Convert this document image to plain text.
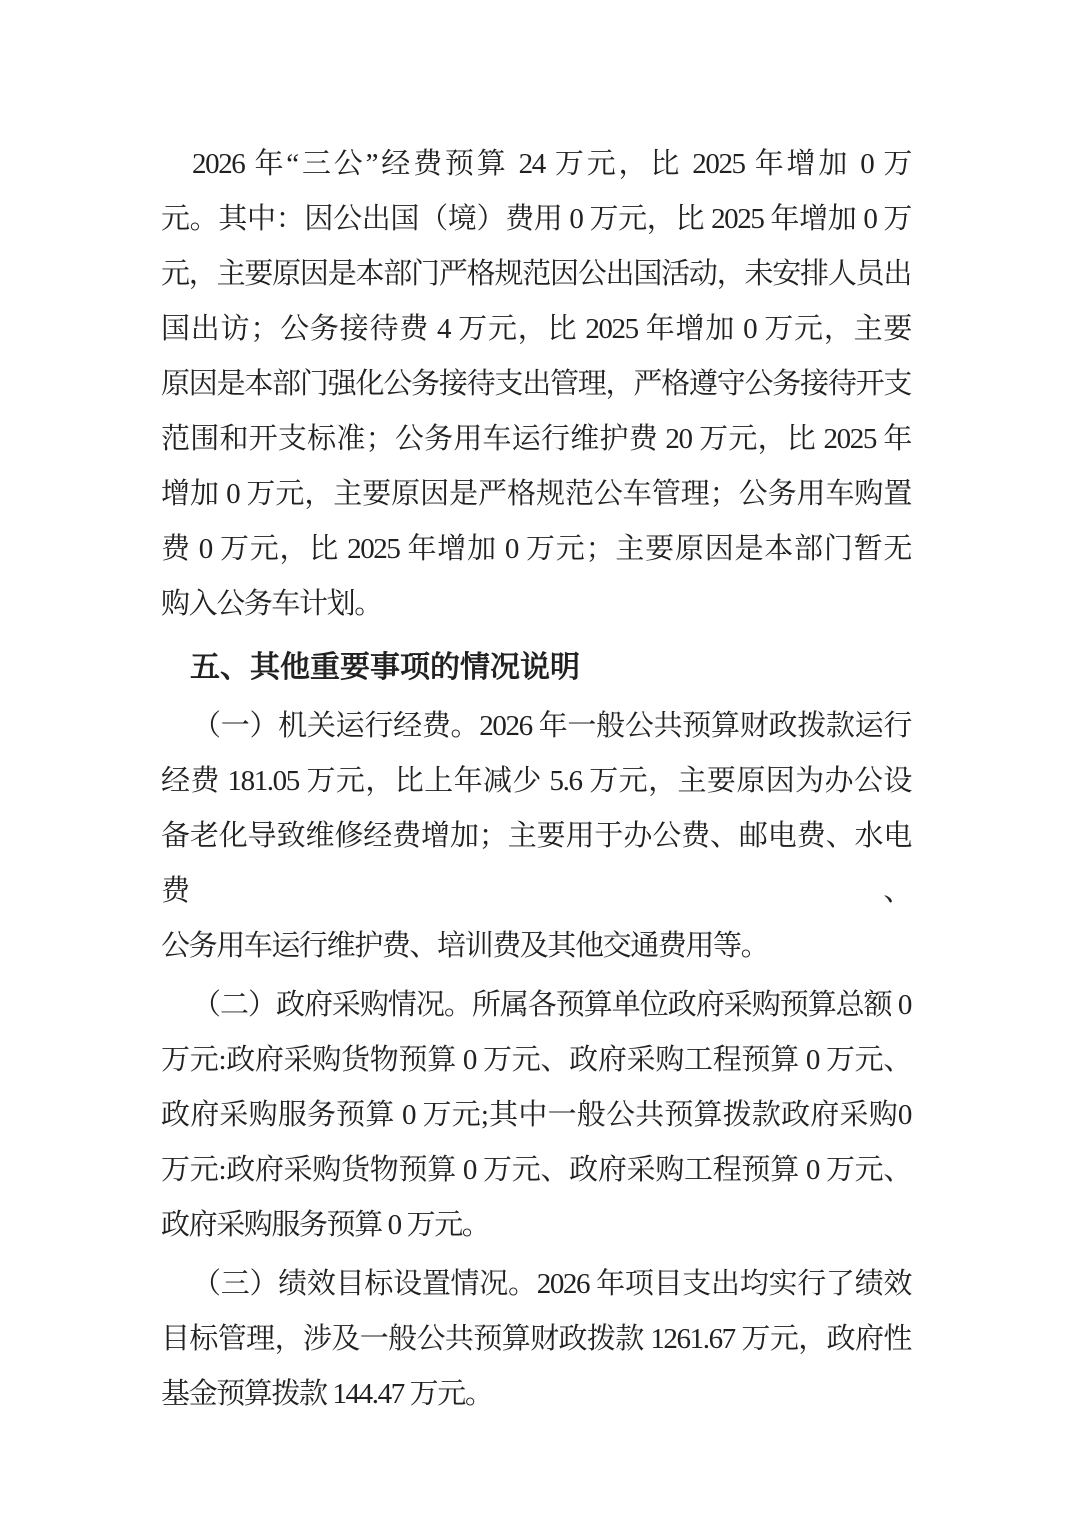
2026 年“三公”经费预算 24 万元，比 2025 年增加 0 万
元。其中：因公出国（境）费用 0 万元，比 2025 年增加 0 万
元，主要原因是本部门严格规范因公出国活动，未安排人员出
国出访；公务接待费 4 万元，比 2025 年增加 0 万元，主要
原因是本部门强化公务接待支出管理，严格遵守公务接待开支
范围和开支标准；公务用车运行维护费 20 万元，比 2025 年
增加 0 万元，主要原因是严格规范公车管理；公务用车购置
费 0 万元，比 2025 年增加 0 万元；主要原因是本部门暂无
购入公务车计划。
五、其他重要事项的情况说明
（一）机关运行经费。2026 年一般公共预算财政拨款运行
经费 181.05 万元，比上年减少 5.6 万元，主要原因为办公设
备老化导致维修经费增加；主要用于办公费、邮电费、水电费、
公务用车运行维护费、培训费及其他交通费用等。
（二）政府采购情况。所属各预算单位政府采购预算总额 0
万元:政府采购货物预算 0 万元、政府采购工程预算 0 万元、
政府采购服务预算 0 万元;其中一般公共预算拨款政府采购0
万元:政府采购货物预算 0 万元、政府采购工程预算 0 万元、
政府采购服务预算 0 万元。
（三）绩效目标设置情况。2026 年项目支出均实行了绩效
目标管理，涉及一般公共预算财政拨款 1261.67 万元，政府性
基金预算拨款 144.47 万元。
